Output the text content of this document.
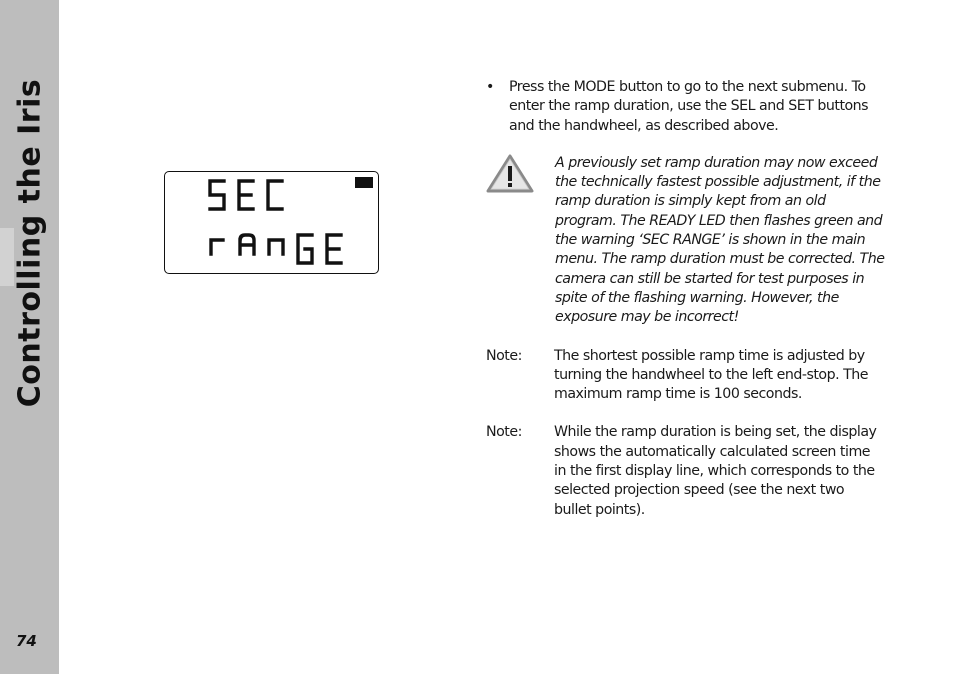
Controlling the Iris
74
•	Press the MODE button to go to the next submenu. To enter the ramp duration, use the SEL and SET buttons and the handwheel, as described above.
A previously set ramp duration may now exceed the technically fastest possible adjustment, if the ramp duration is simply kept from an old program. The READY LED then flashes green and the warning ‘SEC RANGE’ is shown in the main menu. The ramp duration must be corrected. The camera can still be started for test purposes in spite of the flashing warning. However, the exposure may be incorrect!
Note:	The shortest possible ramp time is adjusted by turning the handwheel to the left end-stop. The maximum ramp time is 100 seconds.
Note:	While the ramp duration is being set, the display shows the automatically calculated screen time in the first display line, which corresponds to the selected projection speed (see the next two bullet points).
